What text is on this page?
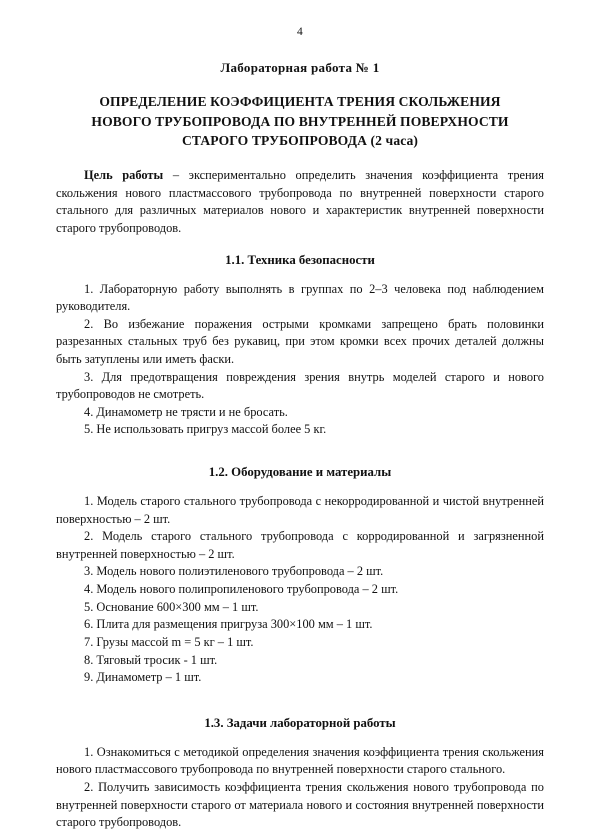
4
Лабораторная работа № 1
ОПРЕДЕЛЕНИЕ КОЭФФИЦИЕНТА ТРЕНИЯ СКОЛЬЖЕНИЯ
НОВОГО ТРУБОПРОВОДА ПО ВНУТРЕННЕЙ ПОВЕРХНОСТИ
СТАРОГО ТРУБОПРОВОДА (2 часа)

Цель работы – экспериментально определить значения коэффициента трения скольжения нового пластмассового трубопровода по внутренней поверхности старого стального для различных материалов нового и характеристик внутренней поверхности старого трубопроводов.

1.1. Техника безопасности
1. Лабораторную работу выполнять в группах по 2–3 человека под наблюдением руководителя.
2. Во избежание поражения острыми кромками запрещено брать половинки разрезанных стальных труб без рукавиц, при этом кромки всех прочих деталей должны быть затуплены или иметь фаски.
3. Для предотвращения повреждения зрения внутрь моделей старого и нового трубопроводов не смотреть.
4. Динамометр не трясти и не бросать.
5. Не использовать пригруз массой более 5 кг.
1.2. Оборудование и материалы
1. Модель старого стального трубопровода с некорродированной и чистой внутренней поверхностью – 2 шт.
2. Модель старого стального трубопровода с корродированной и загрязненной внутренней поверхностью – 2 шт.
3. Модель нового полиэтиленового трубопровода – 2 шт.
4. Модель нового полипропиленового трубопровода – 2 шт.
5. Основание 600×300 мм – 1 шт.
6. Плита для размещения пригруза 300×100 мм – 1 шт.
7. Грузы массой m = 5 кг – 1 шт.
8. Тяговый тросик - 1 шт.
9. Динамометр – 1 шт.
1.3. Задачи лабораторной работы
1. Ознакомиться с методикой определения значения коэффициента трения скольжения нового пластмассового трубопровода по внутренней поверхности старого стального.
2. Получить зависимость коэффициента трения скольжения нового трубопровода по внутренней поверхности старого от материала нового и состояния внутренней поверхности старого трубопроводов.
